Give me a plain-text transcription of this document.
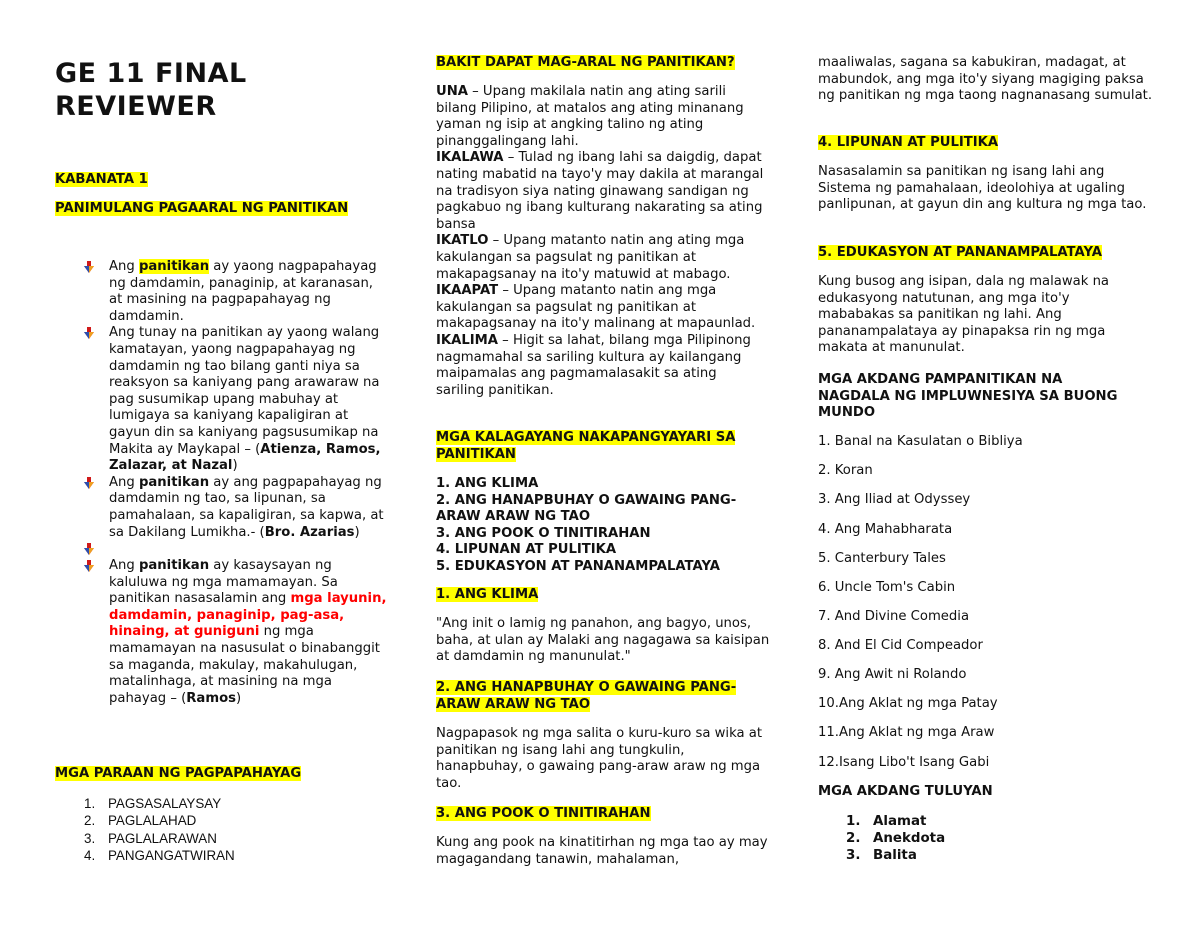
GE 11 FINAL
REVIEWER
KABANATA 1
PANIMULANG PAGAARAL NG PANITIKAN
Ang panitikan ay yaong nagpapahayag ng damdamin, panaginip, at karanasan, at masining na pagpapahayag ng damdamin.
Ang tunay na panitikan ay yaong walang kamatayan, yaong nagpapahayag ng damdamin ng tao bilang ganti niya sa reaksyon sa kaniyang pang arawaraw na pag susumikap upang mabuhay at lumigaya sa kaniyang kapaligiran at gayun din sa kaniyang pagsusumikap na Makita ay Maykapal – (Atienza, Ramos, Zalazar, at Nazal)
Ang panitikan ay ang pagpapahayag ng damdamin ng tao, sa lipunan, sa pamahalaan, sa kapaligiran, sa kapwa, at sa Dakilang Lumikha.- (Bro. Azarias)
Ang panitikan ay kasaysayan ng kaluluwa ng mga mamamayan. Sa panitikan nasasalamin ang mga layunin, damdamin, panaginip, pag-asa, hinaing, at guniguni ng mga mamamayan na nasusulat o binabanggit sa maganda, makulay, makahulugan, matalinhaga, at masining na mga pahayag – (Ramos)
MGA PARAAN NG PAGPAPAHAYAG
1. PAGSASALAYSAY
2. PAGLALAHAD
3. PAGLALARAWAN
4. PANGANGATWIRAN
BAKIT DAPAT MAG-ARAL NG PANITIKAN?

UNA – Upang makilala natin ang ating sarili bilang Pilipino, at matalos ang ating minanang yaman ng isip at angking talino ng ating pinanggalingang lahi.

IKALAWA – Tulad ng ibang lahi sa daigdig, dapat nating mabatid na tayo'y may dakila at marangal na tradisyon siya nating ginawang sandigan ng pagkabuo ng ibang kulturang nakarating sa ating bansa

IKATLO – Upang matanto natin ang ating mga kakulangan sa pagsulat ng panitikan at makapagsanay na ito'y matuwid at mabago.

IKAAPAT – Upang matanto natin ang mga kakulangan sa pagsulat ng panitikan at makapagsanay na ito'y malinang at mapaunlad.

IKALIMA – Higit sa lahat, bilang mga Pilipinong nagmamahal sa sariling kultura ay kailangang maipamalas ang pagmamalasakit sa ating sariling panitikan.

MGA KALAGAYANG NAKAPANGYAYARI SA
PANITIKAN
1. ANG KLIMA
2. ANG HANAPBUHAY O GAWAING PANG-ARAW ARAW NG TAO
3. ANG POOK O TINITIRAHAN
4. LIPUNAN AT PULITIKA
5. EDUKASYON AT PANANAMPALATAYA
1. ANG KLIMA

"Ang init o lamig ng panahon, ang bagyo, unos, baha, at ulan ay Malaki ang nagagawa sa kaisipan at damdamin ng manunulat."

2. ANG HANAPBUHAY O GAWAING PANG-
ARAW ARAW NG TAO

Nagpapasok ng mga salita o kuru-kuro sa wika at panitikan ng isang lahi ang tungkulin, hanapbuhay, o gawaing pang-araw araw ng mga tao.

3. ANG POOK O TINITIRAHAN

Kung ang pook na kinatitirhan ng mga tao ay may magagandang tanawin, mahalaman,

maaliwalas, sagana sa kabukiran, madagat, at mabundok, ang mga ito'y siyang magiging paksa ng panitikan ng mga taong nagnanasang sumulat.

4. LIPUNAN AT PULITIKA

Nasasalamin sa panitikan ng isang lahi ang Sistema ng pamahalaan, ideolohiya at ugaling panlipunan, at gayun din ang kultura ng mga tao.

5. EDUKASYON AT PANANAMPALATAYA

Kung busog ang isipan, dala ng malawak na edukasyong natutunan, ang mga ito'y mababakas sa panitikan ng lahi. Ang pananampalataya ay pinapaksa rin ng mga makata at manunulat.

MGA AKDANG PAMPANITIKAN NA NAGDALA NG IMPLUWNESIYA SA BUONG MUNDO

1. Banal na Kasulatan o Bibliya
2. Koran
3. Ang Iliad at Odyssey
4. Ang Mahabharata
5. Canterbury Tales
6. Uncle Tom's Cabin
7. And Divine Comedia
8. And El Cid Compeador
9. Ang Awit ni Rolando
10.Ang Aklat ng mga Patay
11.Ang Aklat ng mga Araw
12.Isang Libo't Isang Gabi
MGA AKDANG TULUYAN
1. Alamat
2. Anekdota
3. Balita
